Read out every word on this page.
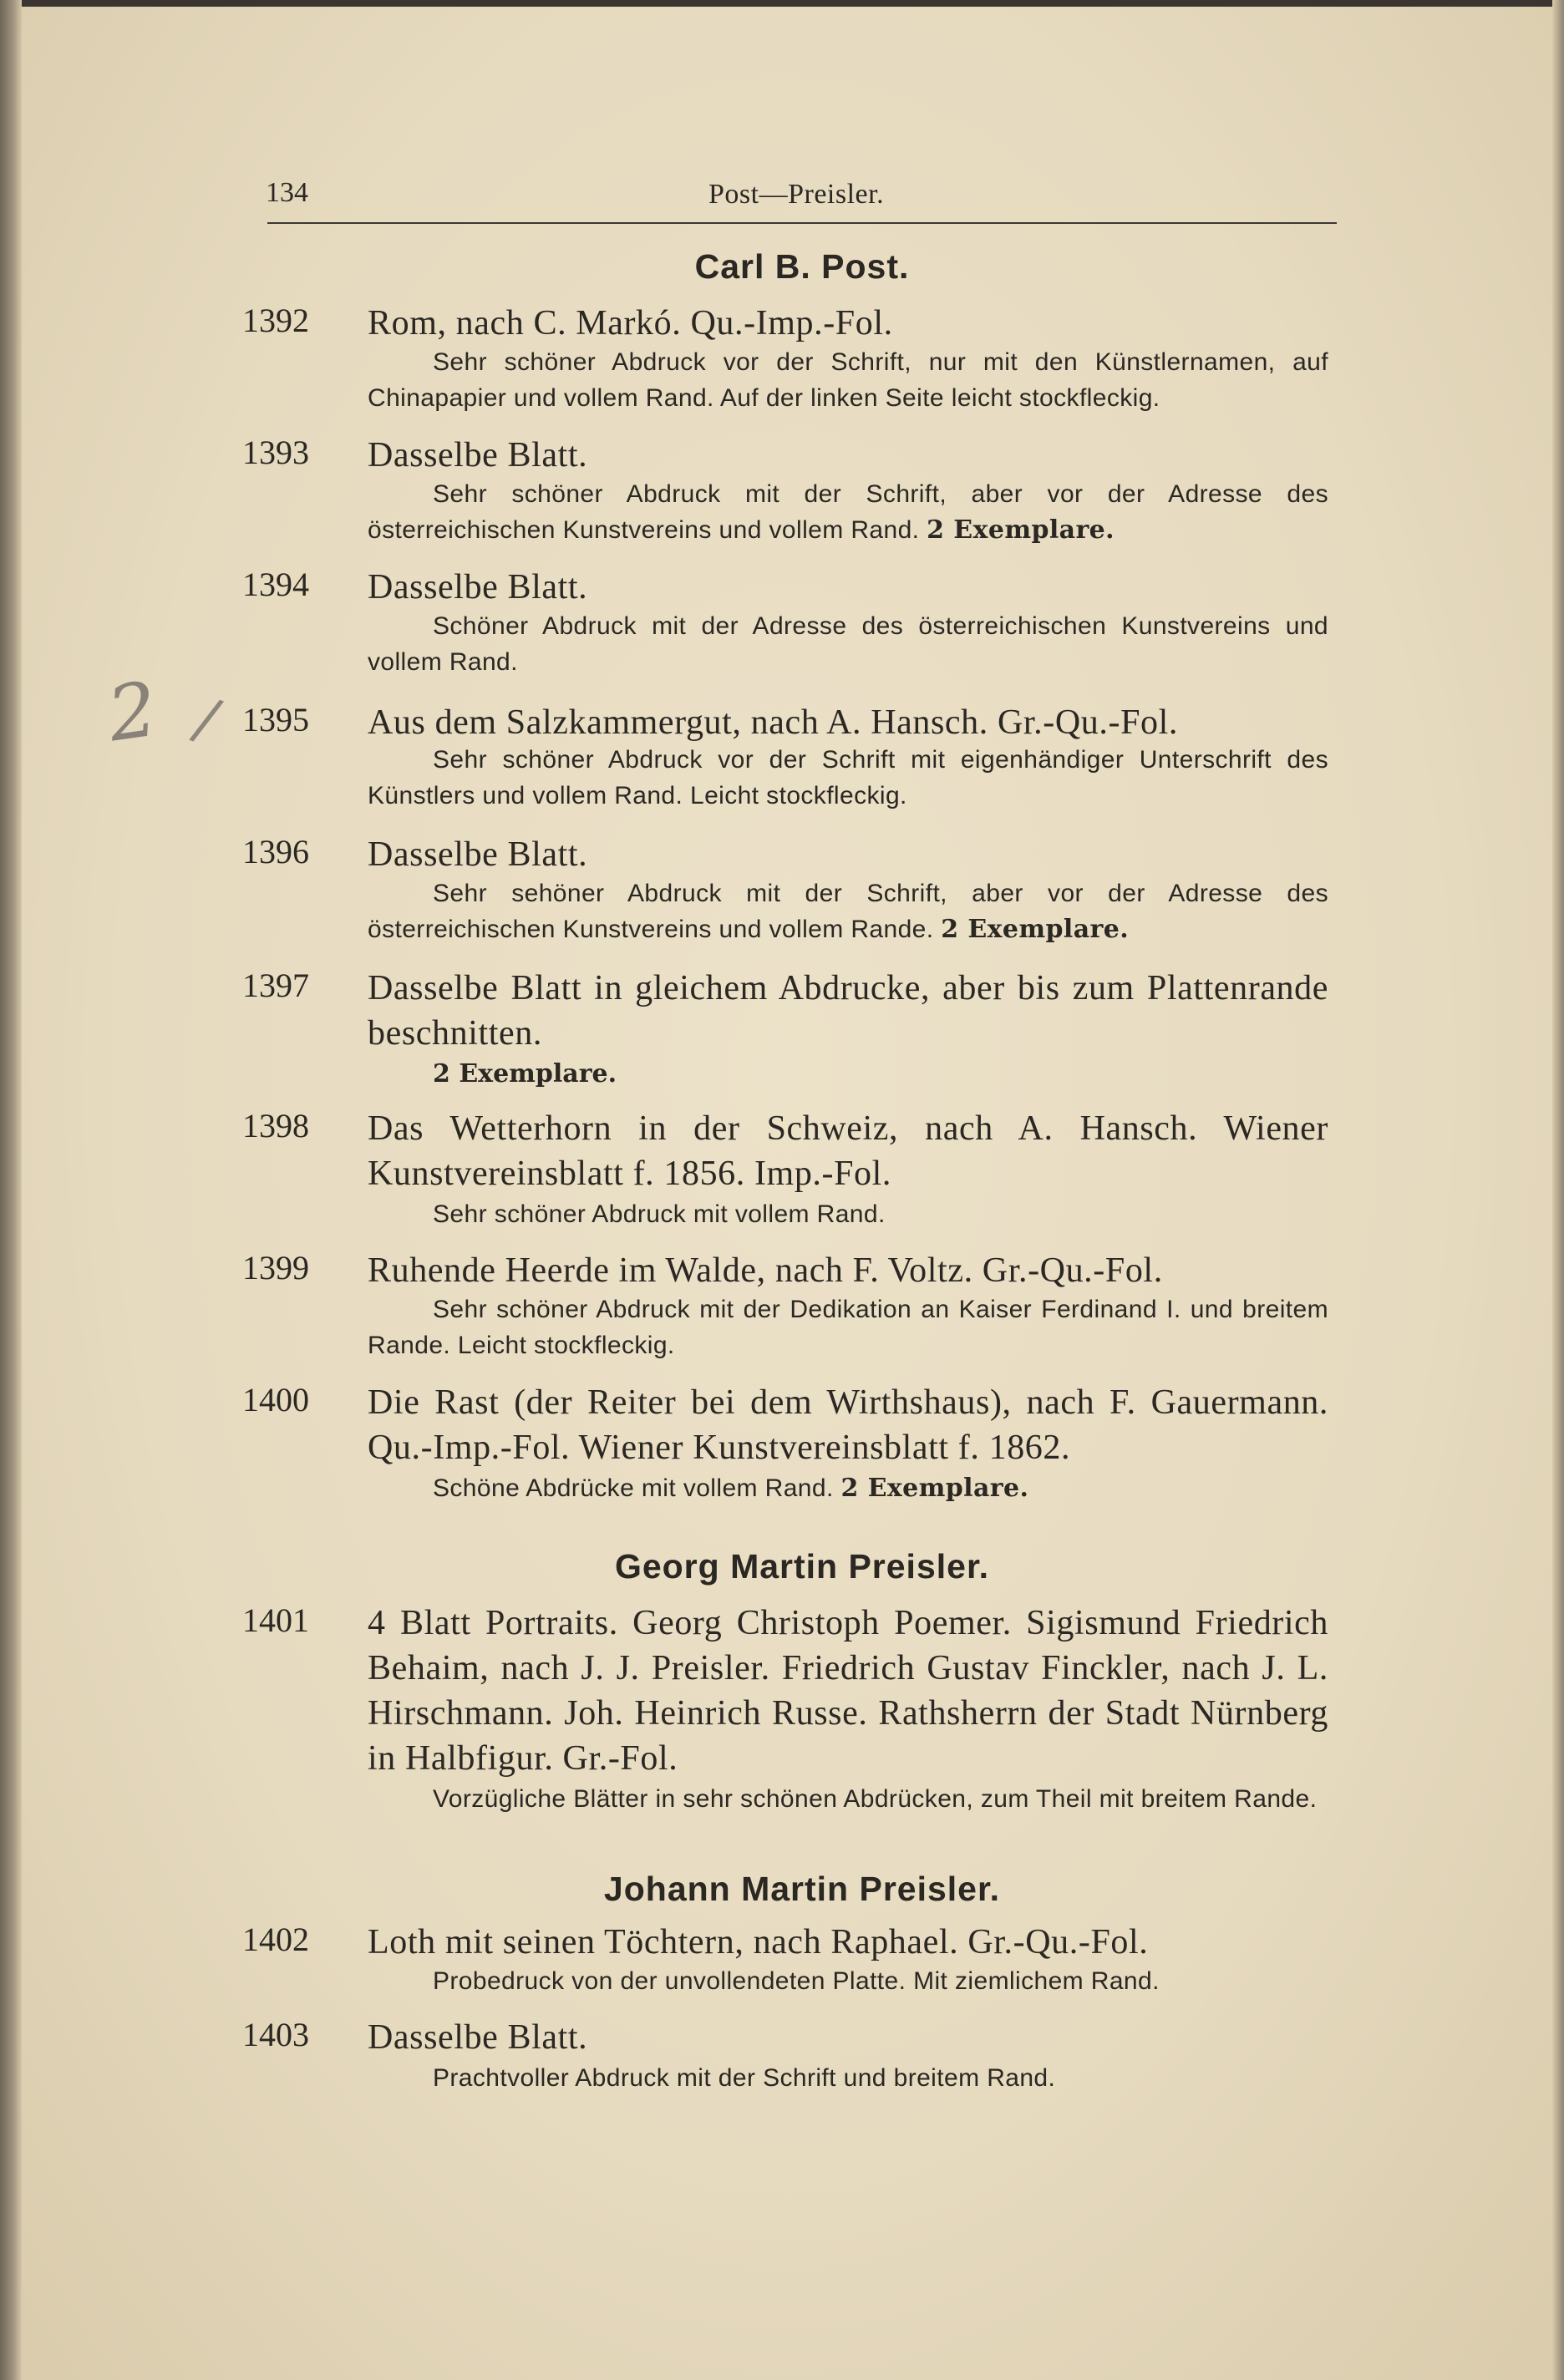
134	Post—Preisler.
2 /
Carl B. Post.
1392 Rom, nach C. Markó. Qu.-Imp.-Fol.
Sehr schöner Abdruck vor der Schrift, nur mit den Künstlernamen, auf Chinapapier und vollem Rand. Auf der linken Seite leicht stockfleckig.
1393 Dasselbe Blatt.
Sehr schöner Abdruck mit der Schrift, aber vor der Adresse des österreichischen Kunstvereins und vollem Rand. 2 Exemplare.
1394 Dasselbe Blatt.
Schöner Abdruck mit der Adresse des österreichischen Kunstvereins und vollem Rand.
1395 Aus dem Salzkammergut, nach A. Hansch. Gr.-Qu.-Fol.
Sehr schöner Abdruck vor der Schrift mit eigenhändiger Unterschrift des Künstlers und vollem Rand. Leicht stockfleckig.
1396 Dasselbe Blatt.
Sehr sehöner Abdruck mit der Schrift, aber vor der Adresse des österreichischen Kunstvereins und vollem Rande. 2 Exemplare.
1397 Dasselbe Blatt in gleichem Abdrucke, aber bis zum Plattenrande beschnitten.
2 Exemplare.
1398 Das Wetterhorn in der Schweiz, nach A. Hansch. Wiener Kunstvereinsblatt f. 1856. Imp.-Fol.
Sehr schöner Abdruck mit vollem Rand.
1399 Ruhende Heerde im Walde, nach F. Voltz. Gr.-Qu.-Fol.
Sehr schöner Abdruck mit der Dedikation an Kaiser Ferdinand I. und breitem Rande. Leicht stockfleckig.
1400 Die Rast (der Reiter bei dem Wirthshaus), nach F. Gauermann. Qu.-Imp.-Fol. Wiener Kunstvereinsblatt f. 1862.
Schöne Abdrücke mit vollem Rand. 2 Exemplare.
Georg Martin Preisler.
1401 4 Blatt Portraits. Georg Christoph Poemer. Sigismund Friedrich Behaim, nach J. J. Preisler. Friedrich Gustav Finckler, nach J. L. Hirschmann. Joh. Heinrich Russe. Rathsherrn der Stadt Nürnberg in Halbfigur. Gr.-Fol.
Vorzügliche Blätter in sehr schönen Abdrücken, zum Theil mit breitem Rande.
Johann Martin Preisler.
1402 Loth mit seinen Töchtern, nach Raphael. Gr.-Qu.-Fol.
Probedruck von der unvollendeten Platte. Mit ziemlichem Rand.
1403 Dasselbe Blatt.
Prachtvoller Abdruck mit der Schrift und breitem Rand.
